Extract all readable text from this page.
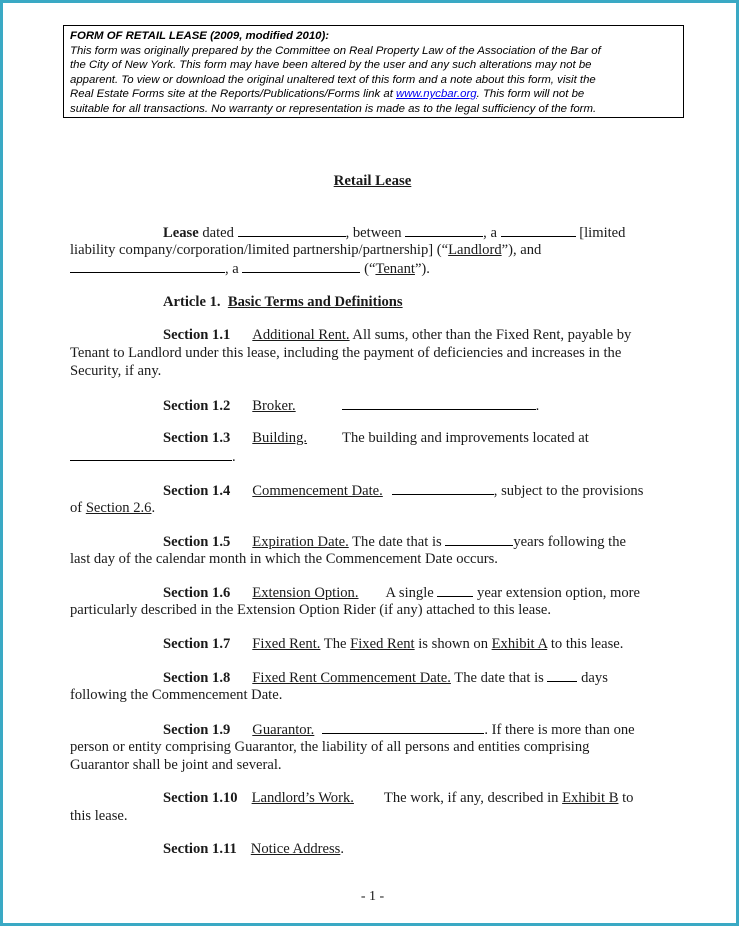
FORM OF RETAIL LEASE (2009, modified 2010):
This form was originally prepared by the Committee on Real Property Law of the Association of the Bar of
the City of New York. This form may have been altered by the user and any such alterations may not be
apparent. To view or download the original unaltered text of this form and a note about this form, visit the
Real Estate Forms site at the Reports/Publications/Forms link at www.nycbar.org. This form will not be
suitable for all transactions. No warranty or representation is made as to the legal sufficiency of the form.
Retail Lease
Lease dated	, between	, a	[limited
liability company/corporation/limited partnership/partnership] (“Landlord”), and
, a	(“Tenant”).
Article 1. Basic Terms and Definitions
Section 1.1 Additional Rent. All sums, other than the Fixed Rent, payable by
Tenant to Landlord under this lease, including the payment of deficiencies and increases in the
Security, if any.
Section 1.2 Broker.	.
Section 1.3 Building. The building and improvements located at
.
Section 1.4 Commencement Date.	, subject to the provisions
of Section 2.6.
Section 1.5 Expiration Date. The date that is	years following the
last day of the calendar month in which the Commencement Date occurs.
Section 1.6 Extension Option. A single  year extension option, more
particularly described in the Extension Option Rider (if any) attached to this lease.
Section 1.7 Fixed Rent. The Fixed Rent is shown on Exhibit A to this lease.
Section 1.8 Fixed Rent Commencement Date. The date that is  days
following the Commencement Date.
Section 1.9 Guarantor.	. If there is more than one
person or entity comprising Guarantor, the liability of all persons and entities comprising
Guarantor shall be joint and several.
Section 1.10 Landlord’s Work. The work, if any, described in Exhibit B to
this lease.
Section 1.11 Notice Address.
- 1 -
